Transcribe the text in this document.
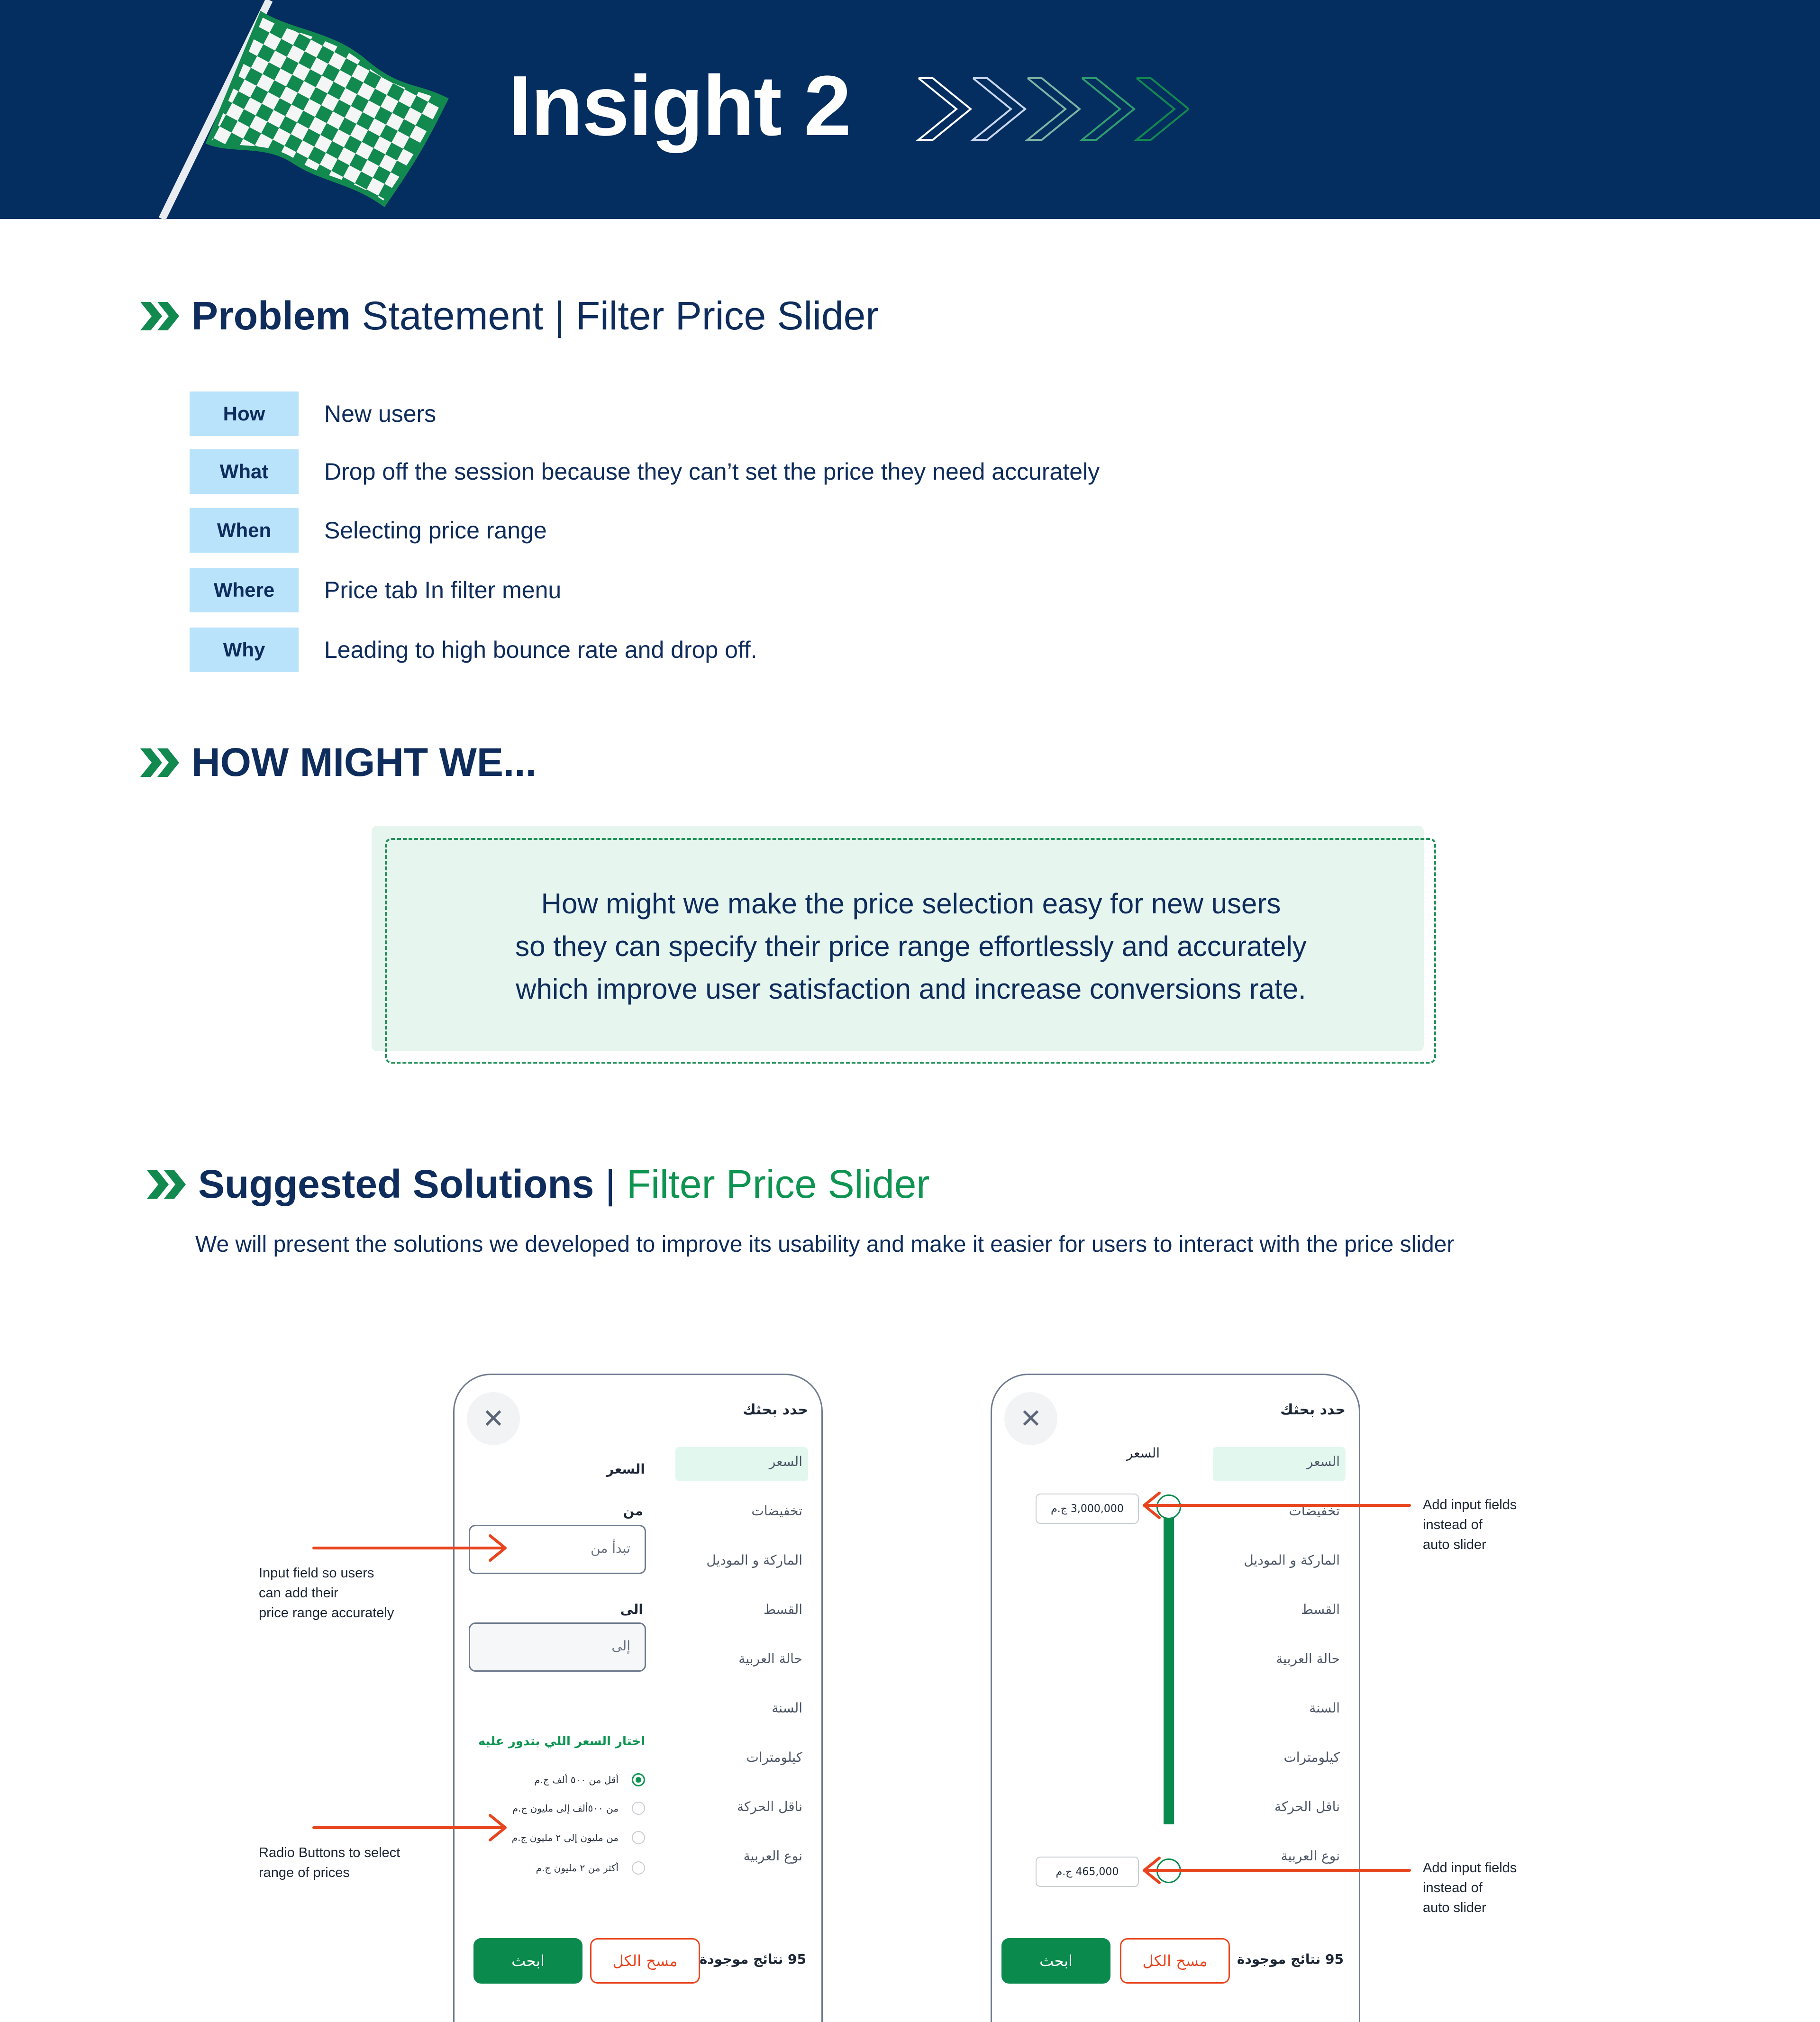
Insight 2
Problem Statement | Filter Price Slider
How	New users
What	Drop off the session because they can’t set the price they need accurately
When	Selecting price range
Where	Price tab In filter menu
Why	Leading to high bounce rate and drop off.
HOW MIGHT WE...
How might we make the price selection easy for new users
so they can specify their price range effortlessly and accurately
which improve user satisfaction and increase conversions rate.
Suggested Solutions | Filter Price Slider
We will present the solutions we developed to improve its usability and make it easier for users to interact with the price slider
✕	حدد بحثك
السعر
تخفيضات
الماركة و الموديل
القسط
حالة العربية
السنة
كيلومترات
ناقل الحركة
نوع العربية
السعر
من
تبدأ من
الى
إلى
اختار السعر اللي بتدور عليه
أقل من ٥٠٠ ألف ج.م
من ٥٠٠ألف إلى مليون ج.م
من مليون إلى ٢ مليون ج.م
أكثر من ٢ مليون ج.م
ابحث	مسح الكل	95 نتائج موجودة
✕	حدد بحثك
السعر
تخفيضات
الماركة و الموديل
القسط
حالة العربية
السنة
كيلومترات
ناقل الحركة
نوع العربية
السعر
3,000,000 ج.م
465,000 ج.م
ابحث	مسح الكل	95 نتائج موجودة
Input field so users
can add their
price range accurately
Radio Buttons to select
range of prices
Add input fields
instead of
auto slider
Add input fields
instead of
auto slider
